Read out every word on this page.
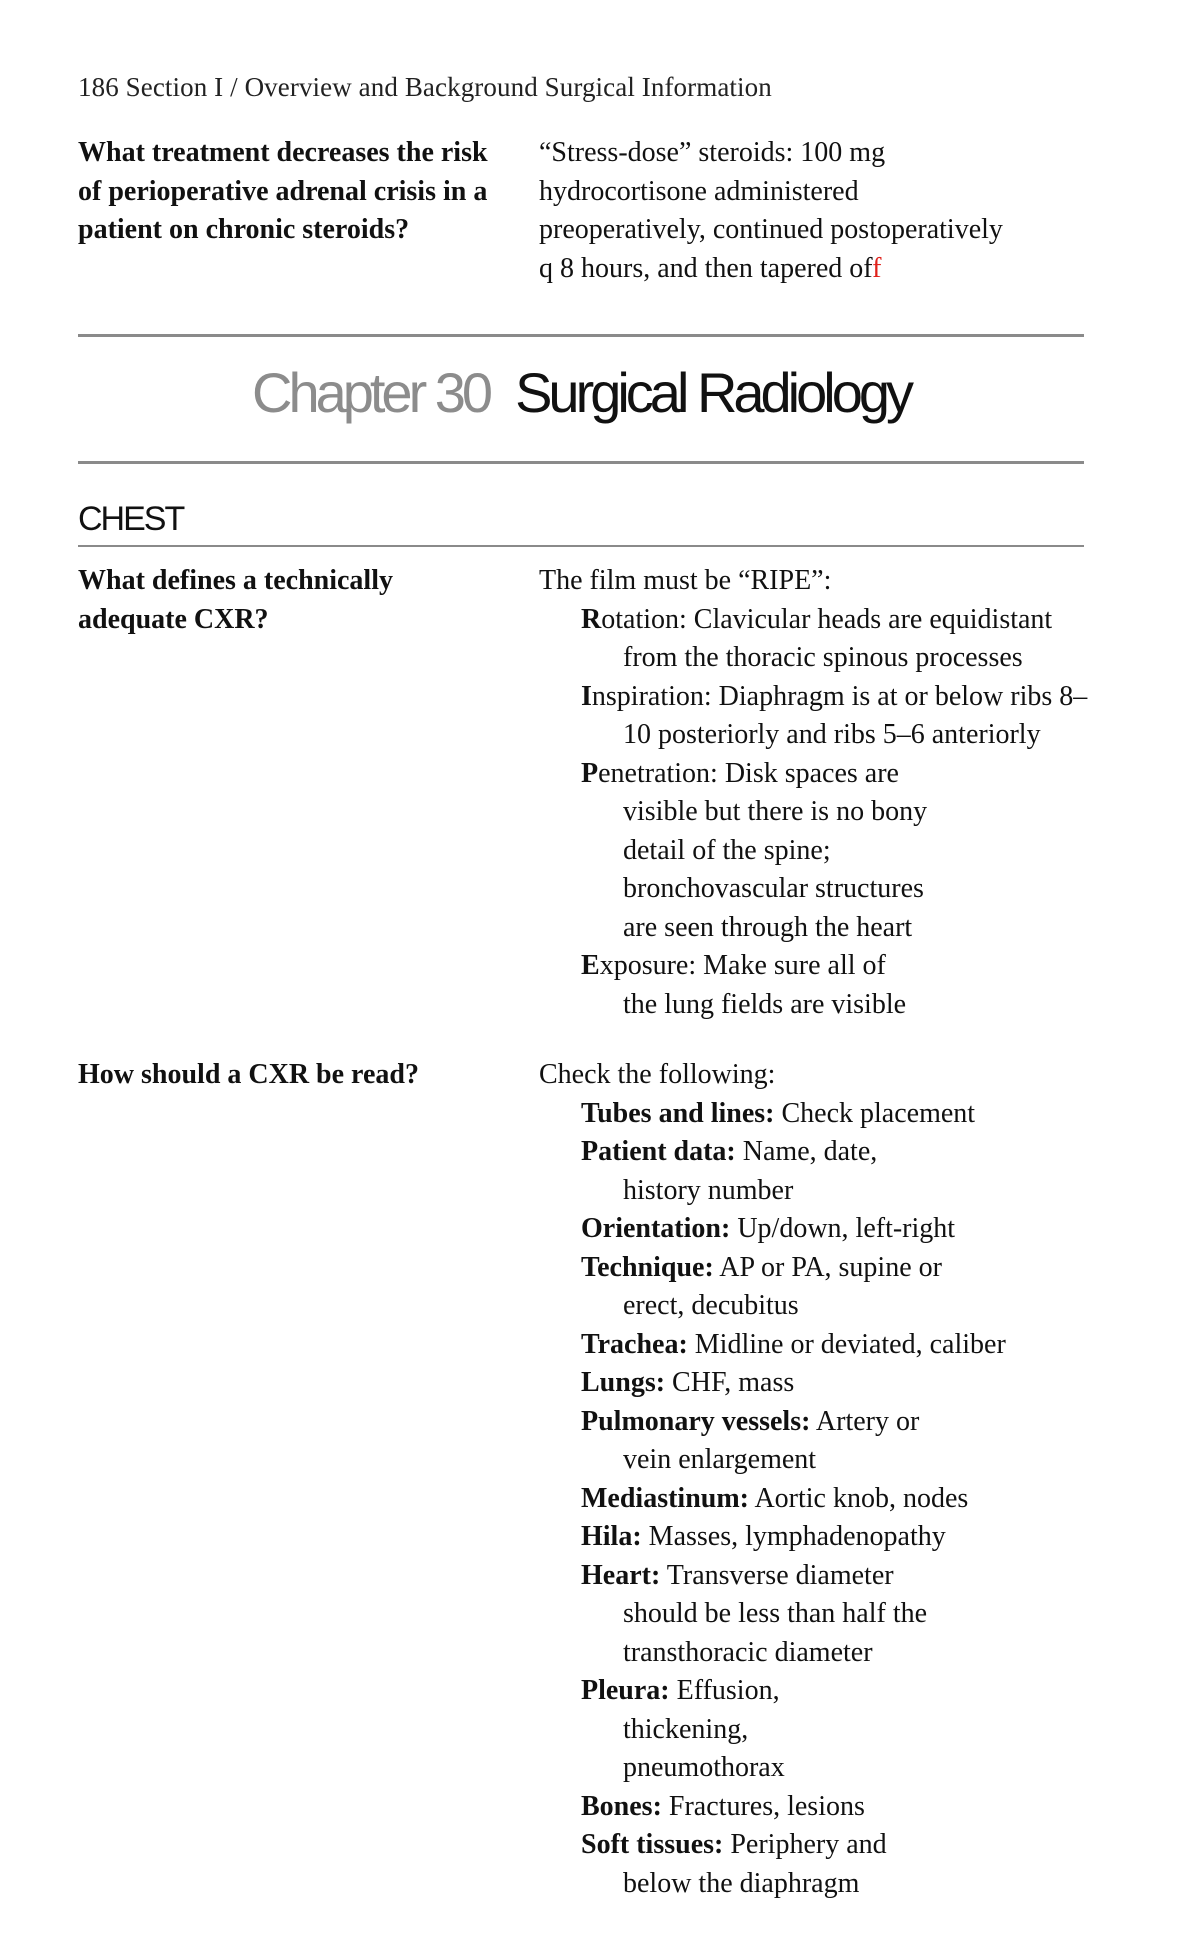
186 Section I / Overview and Background Surgical Information
What treatment decreases the risk of perioperative adrenal crisis in a patient on chronic steroids?
“Stress-dose” steroids: 100 mg
hydrocortisone administered
preoperatively, continued postoperatively
q 8 hours, and then tapered off
Chapter 30 Surgical Radiology
CHEST
What defines a technically adequate CXR?
The film must be “RIPE”:
Rotation: Clavicular heads are equidistant from the thoracic spinous processes
Inspiration: Diaphragm is at or below ribs 8–10 posteriorly and ribs 5–6 anteriorly
Penetration: Disk spaces are visible but there is no bony detail of the spine; bronchovascular structures are seen through the heart
Exposure: Make sure all of the lung fields are visible
How should a CXR be read?	Check the following:
Tubes and lines: Check placement
Patient data: Name, date, history number
Orientation: Up/down, left-right
Technique: AP or PA, supine or erect, decubitus
Trachea: Midline or deviated, caliber
Lungs: CHF, mass
Pulmonary vessels: Artery or vein enlargement
Mediastinum: Aortic knob, nodes
Hila: Masses, lymphadenopathy
Heart: Transverse diameter should be less than half the transthoracic diameter
Pleura: Effusion, thickening, pneumothorax
Bones: Fractures, lesions
Soft tissues: Periphery and below the diaphragm
